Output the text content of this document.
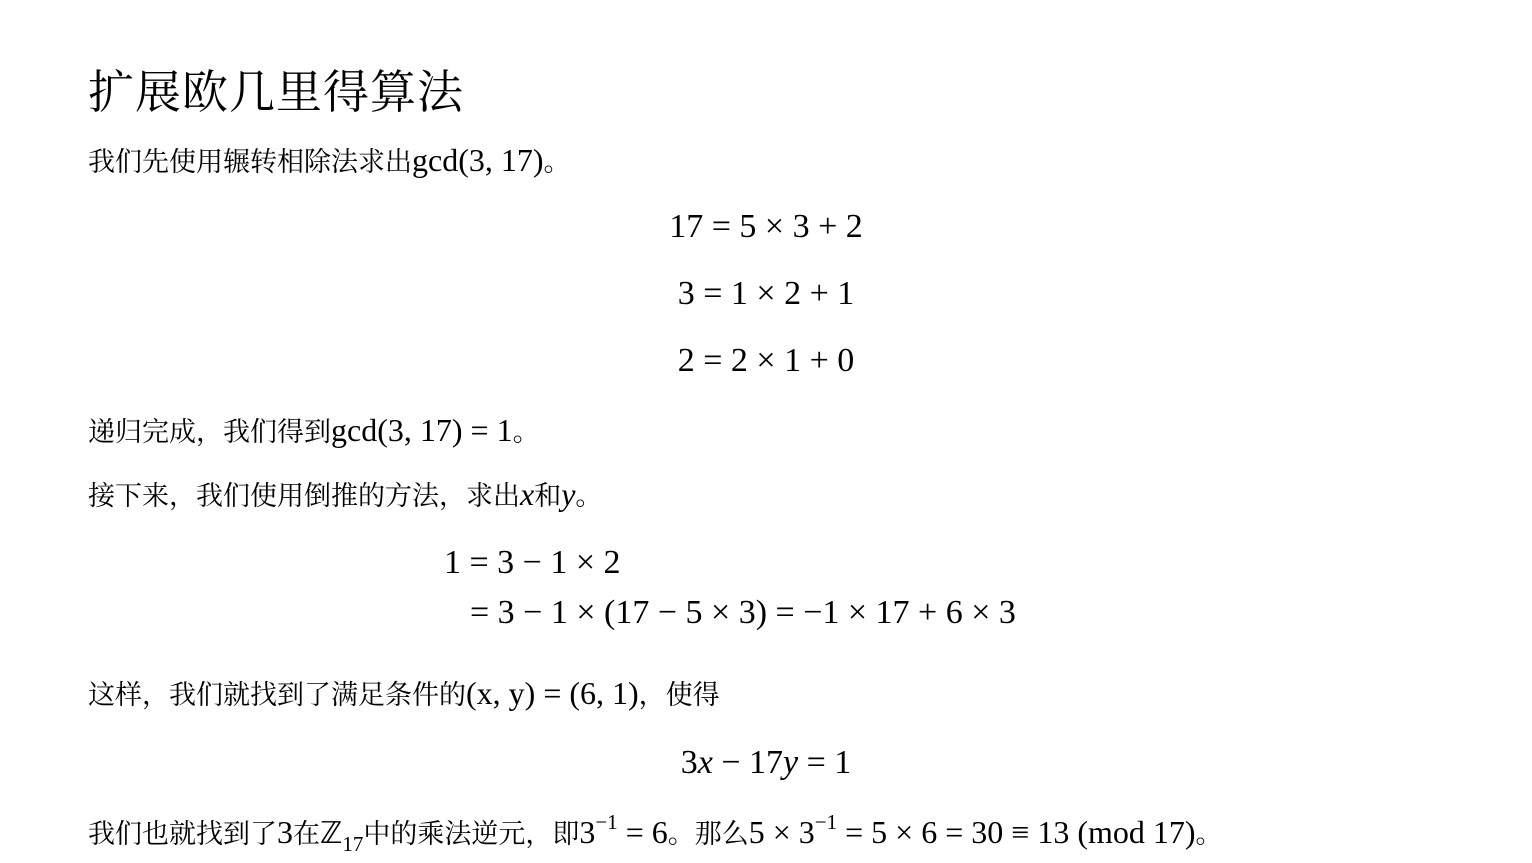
扩展欧几里得算法
我们先使用辗转相除法求出gcd(3, 17)。
17 = 5 × 3 + 2
3 = 1 × 2 + 1
2 = 2 × 1 + 0
递归完成，我们得到gcd(3, 17) = 1。
接下来，我们使用倒推的方法，求出x和y。
1 = 3 − 1 × 2
= 3 − 1 × (17 − 5 × 3) = −1 × 17 + 6 × 3
这样，我们就找到了满足条件的(x, y) = (6, 1)，使得
3x − 17y = 1
我们也就找到了3在ℤ$_{17}$中的乘法逆元，即$3^{-1} = 6$。那么$5 \times 3^{-1} = 5 \times 6 = 30 \equiv 13$ (mod 17)。
